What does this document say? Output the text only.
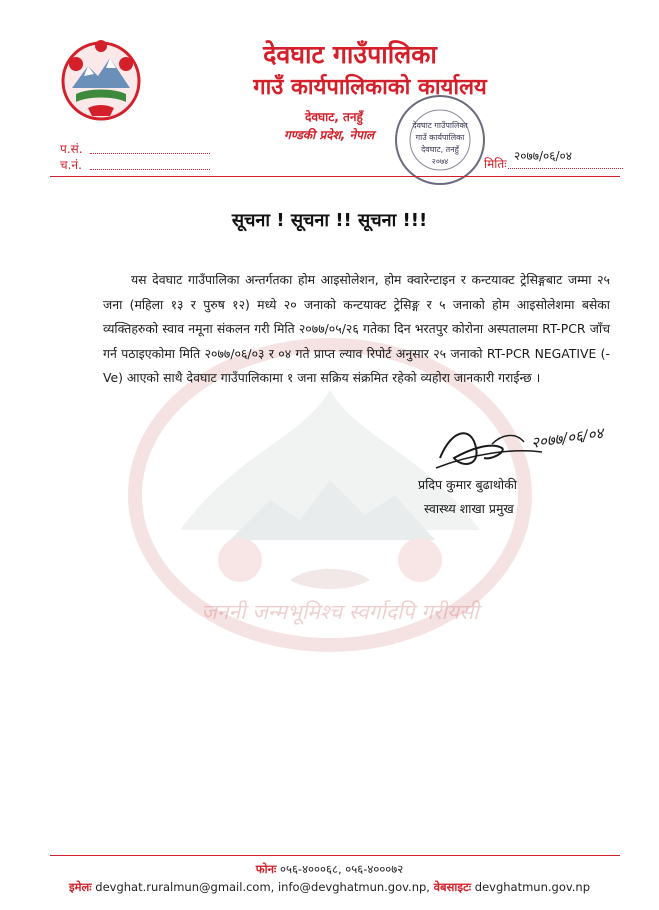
जननी जन्मभूमिश्च स्वर्गादपि गरीयसी
देवघाट गाउँपालिका
गाउँ कार्यपालिकाको कार्यालय
देवघाट, तनहुँ
गण्डकी प्रदेश, नेपाल
देवघाट गाउँपालिका
गाउँ कार्यपालिका
देवघाट, तनहुँ
२०७४
प.सं.
च.नं.	मितिः
२०७७/०६/०४
सूचना ! सूचना !! सूचना !!!
यस देवघाट गाउँपालिका अन्तर्गतका होम आइसोलेशन, होम क्वारेन्टाइन र कन्टयाक्ट ट्रेसिङ्गबाट जम्मा २५ जना (महिला १३ र पुरुष १२) मध्ये २० जनाको कन्टयाक्ट ट्रेसिङ्ग र ५ जनाको होम आइसोलेशमा बसेका व्यक्तिहरुको स्वाव नमूना संकलन गरी मिति २०७७/०५/२६ गतेका दिन भरतपुर कोरोना अस्पतालमा RT-PCR जाँच गर्न पठाइएकोमा मिति २०७७/०६/०३ र ०४ गते प्राप्त ल्याव रिपोर्ट अनुसार २५ जनाको RT-PCR NEGATIVE (-Ve) आएको साथै देवघाट गाउँपालिकामा १ जना सक्रिय संक्रमित रहेको व्यहोरा जानकारी गराईन्छ ।
२०७७/०६/०४
प्रदिप कुमार बुढाथोकी
स्वास्थ्य शाखा प्रमुख
फोनः ०५६-४०००६८, ०५६-४०००७२
इमेलः devghat.ruralmun@gmail.com, info@devghatmun.gov.np, वेबसाइटः devghatmun.gov.np
